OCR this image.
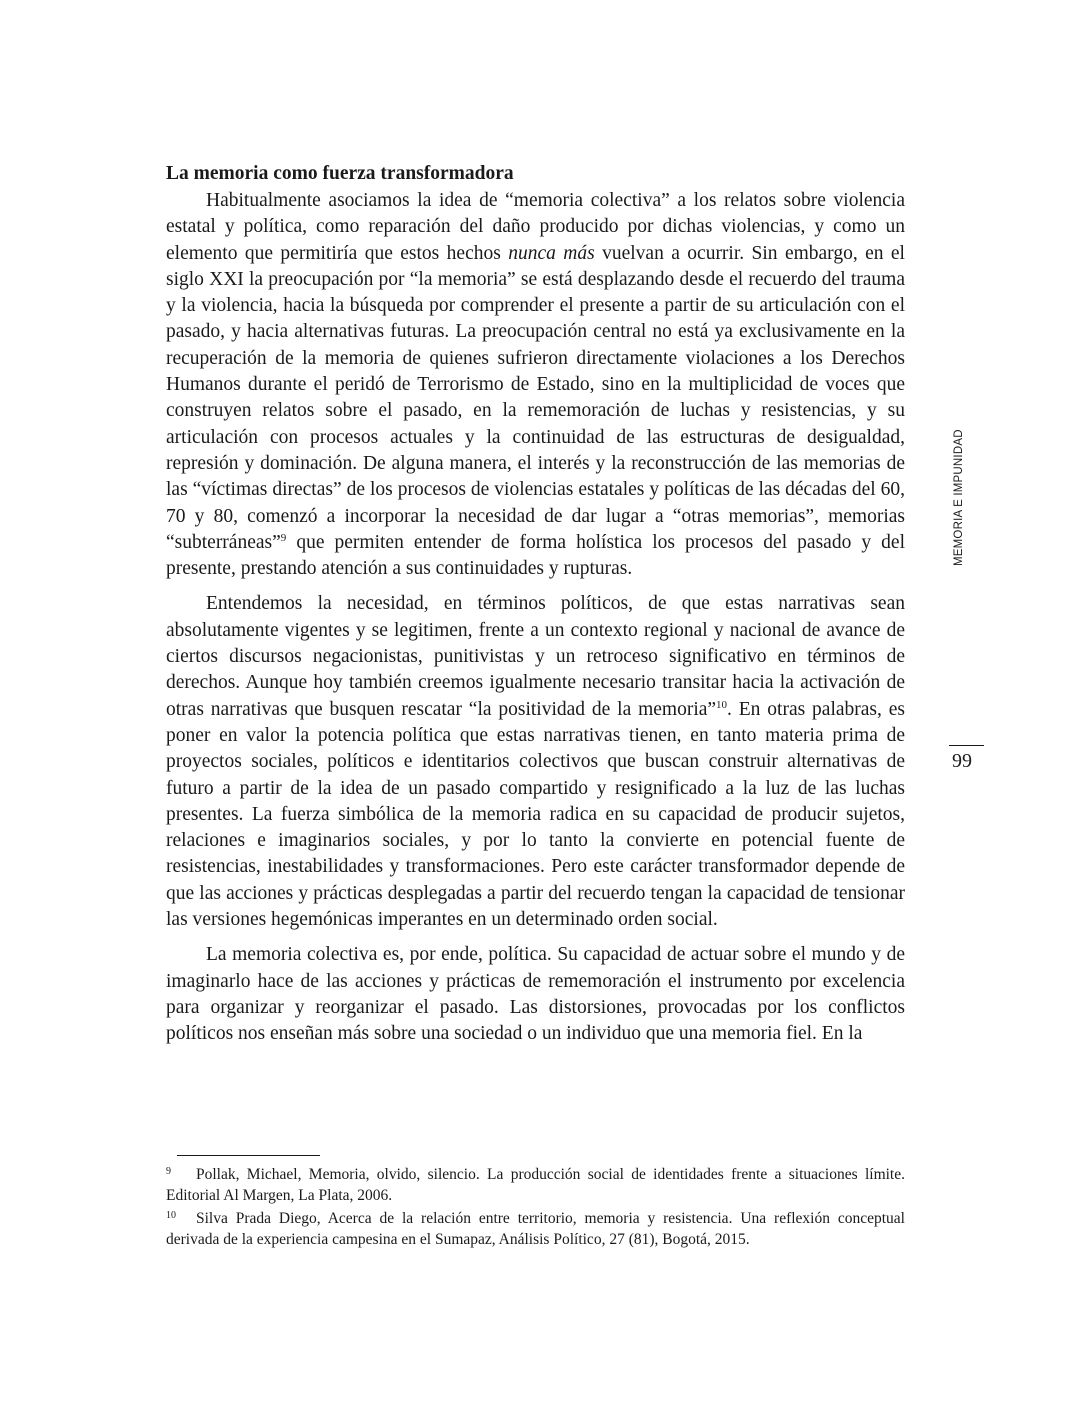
La memoria como fuerza transformadora

Habitualmente asociamos la idea de “memoria colectiva” a los relatos sobre violencia estatal y política, como reparación del daño producido por dichas violencias, y como un elemento que permitiría que estos hechos nunca más vuelvan a ocurrir. Sin embargo, en el siglo XXI la preocupación por “la memoria” se está desplazando desde el recuerdo del trauma y la violencia, hacia la búsqueda por comprender el presente a partir de su articulación con el pasado, y hacia alternativas futuras. La preocupación central no está ya exclusivamente en la recuperación de la memoria de quienes sufrieron directamente violaciones a los Derechos Humanos durante el peridó de Terrorismo de Estado, sino en la multiplicidad de voces que construyen relatos sobre el pasado, en la rememoración de luchas y resistencias, y su articulación con procesos actuales y la continuidad de las estructuras de desigualdad, represión y dominación. De alguna manera, el interés y la reconstrucción de las memorias de las “víctimas directas” de los procesos de violencias estatales y políticas de las décadas del 60, 70 y 80, comenzó a incorporar la necesidad de dar lugar a “otras memorias”, memorias “subterráneas”$^9$ que permiten entender de forma holística los procesos del pasado y del presente, prestando atención a sus continuidades y rupturas.

Entendemos la necesidad, en términos políticos, de que estas narrativas sean absolutamente vigentes y se legitimen, frente a un contexto regional y nacional de avance de ciertos discursos negacionistas, punitivistas y un retroceso significativo en términos de derechos. Aunque hoy también creemos igualmente necesario transitar hacia la activación de otras narrativas que busquen rescatar “la positividad de la memoria”$^{10}$. En otras palabras, es poner en valor la potencia política que estas narrativas tienen, en tanto materia prima de proyectos sociales, políticos e identitarios colectivos que buscan construir alternativas de futuro a partir de la idea de un pasado compartido y resignificado a la luz de las luchas presentes. La fuerza simbólica de la memoria radica en su capacidad de producir sujetos, relaciones e imaginarios sociales, y por lo tanto la convierte en potencial fuente de resistencias, inestabilidades y transformaciones. Pero este carácter transformador depende de que las acciones y prácticas desplegadas a partir del recuerdo tengan la capacidad de tensionar las versiones hegemónicas imperantes en un determinado orden social.

La memoria colectiva es, por ende, política. Su capacidad de actuar sobre el mundo y de imaginarlo hace de las acciones y prácticas de rememoración el instrumento por excelencia para organizar y reorganizar el pasado. Las distorsiones, provocadas por los conflictos políticos nos enseñan más sobre una sociedad o un individuo que una memoria fiel. En la

MEMORIA E IMPUNIDAD
99

9 Pollak, Michael, Memoria, olvido, silencio. La producción social de identidades frente a situaciones límite. Editorial Al Margen, La Plata, 2006.

10 Silva Prada Diego, Acerca de la relación entre territorio, memoria y resistencia. Una reflexión conceptual derivada de la experiencia campesina en el Sumapaz, Análisis Político, 27 (81), Bogotá, 2015.
